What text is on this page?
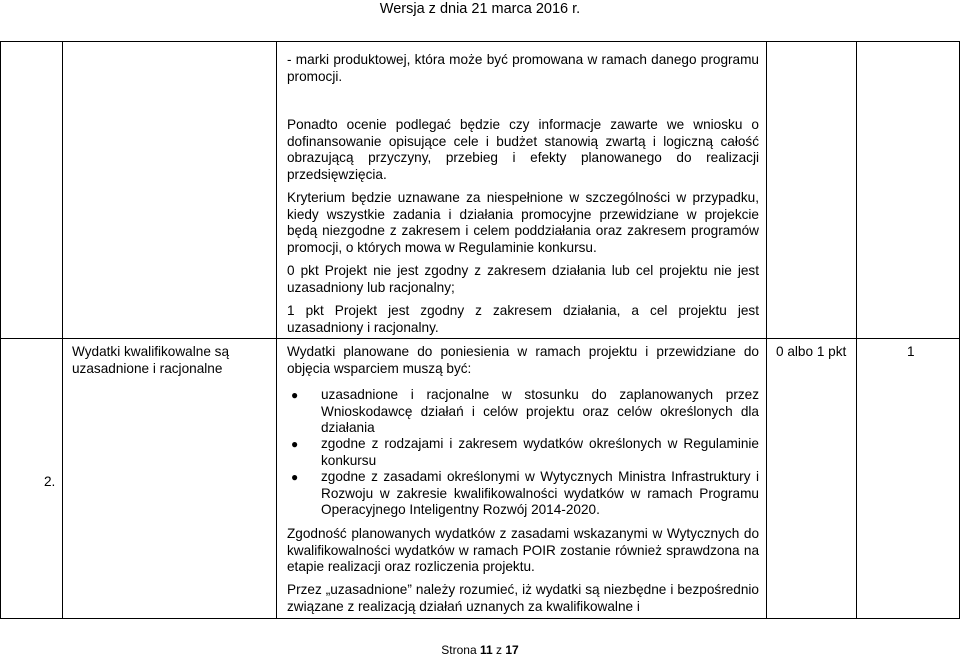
Wersja z dnia 21 marca 2016 r.
- marki produktowej, która może być promowana w ramach danego programu promocji.
Ponadto ocenie podlegać będzie czy informacje zawarte we wniosku o dofinansowanie opisujące cele i budżet stanowią zwartą i logiczną całość obrazującą przyczyny, przebieg i efekty planowanego do realizacji przedsięwzięcia.
Kryterium będzie uznawane za niespełnione w szczególności w przypadku, kiedy wszystkie zadania i działania promocyjne przewidziane w projekcie będą niezgodne z zakresem i celem poddziałania oraz zakresem programów promocji, o których mowa w Regulaminie konkursu.
0 pkt Projekt nie jest zgodny z zakresem działania lub cel projektu nie jest uzasadniony lub racjonalny;
1 pkt Projekt jest zgodny z zakresem działania, a cel projektu jest uzasadniony i racjonalny.
2.
Wydatki kwalifikowalne są uzasadnione i racjonalne
0 albo 1 pkt	1
Wydatki planowane do poniesienia w ramach projektu i przewidziane do objęcia wsparciem muszą być:
● uzasadnione i racjonalne w stosunku do zaplanowanych przez Wnioskodawcę działań i celów projektu oraz celów określonych dla działania
● zgodne z rodzajami i zakresem wydatków określonych w Regulaminie konkursu
● zgodne z zasadami określonymi w Wytycznych Ministra Infrastruktury i Rozwoju w zakresie kwalifikowalności wydatków w ramach Programu Operacyjnego Inteligentny Rozwój 2014-2020.
Zgodność planowanych wydatków z zasadami wskazanymi w Wytycznych do kwalifikowalności wydatków w ramach POIR zostanie również sprawdzona na etapie realizacji oraz rozliczenia projektu.
Przez „uzasadnione” należy rozumieć, iż wydatki są niezbędne i bezpośrednio związane z realizacją działań uznanych za kwalifikowalne i
Strona 11 z 17
